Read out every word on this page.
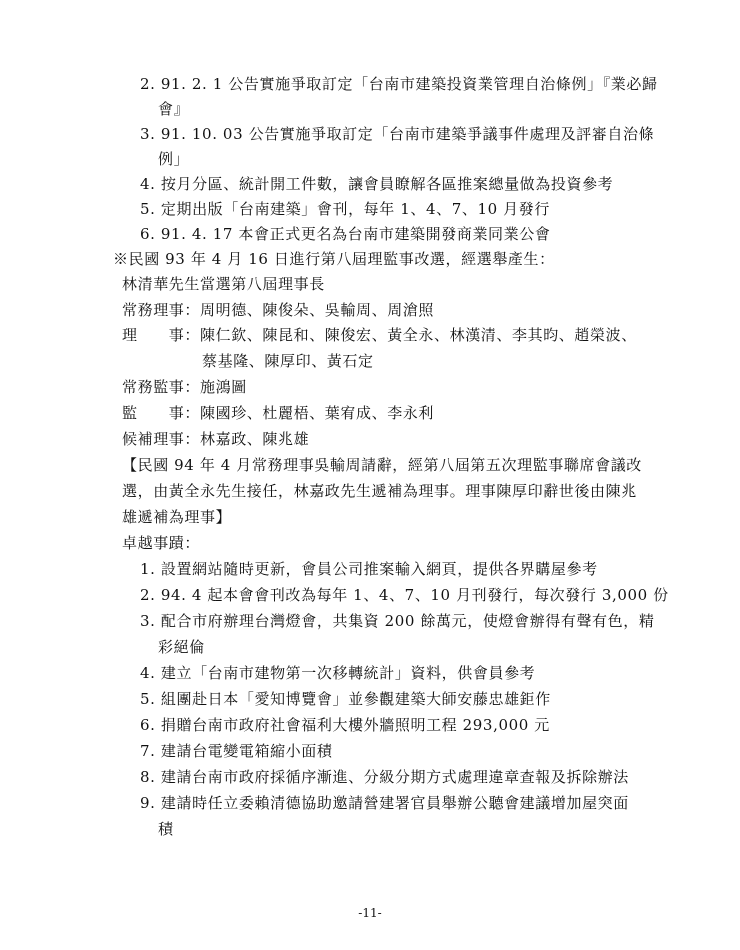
2. 91. 2. 1 公告實施爭取訂定「台南市建築投資業管理自治條例」『業必歸
會』
3. 91. 10. 03 公告實施爭取訂定「台南市建築爭議事件處理及評審自治條
例」
4. 按月分區、統計開工件數，讓會員瞭解各區推案總量做為投資參考
5. 定期出版「台南建築」會刊，每年 1、4、7、10 月發行
6. 91. 4. 17 本會正式更名為台南市建築開發商業同業公會
※民國 93 年 4 月 16 日進行第八屆理監事改選，經選舉產生：
林清華先生當選第八屆理事長
常務理事：周明德、陳俊朵、吳輸周、周滄照
理　　事：陳仁欽、陳昆和、陳俊宏、黃全永、林漢清、李其昀、趙榮波、
蔡基隆、陳厚印、黃石定
常務監事：施鴻圖
監　　事：陳國珍、杜麗梧、葉宥成、李永利
候補理事：林嘉政、陳兆雄
【民國 94 年 4 月常務理事吳輸周請辭，經第八屆第五次理監事聯席會議改
選，由黃全永先生接任，林嘉政先生遞補為理事。理事陳厚印辭世後由陳兆
雄遞補為理事】
卓越事蹟：
1. 設置網站隨時更新，會員公司推案輸入網頁，提供各界購屋參考
2. 94. 4 起本會會刊改為每年 1、4、7、10 月刊發行，每次發行 3,000 份
3. 配合市府辦理台灣燈會，共集資 200 餘萬元，使燈會辦得有聲有色，精
彩絕倫
4. 建立「台南市建物第一次移轉統計」資料，供會員參考
5. 組團赴日本「愛知博覽會」並參觀建築大師安藤忠雄鉅作
6. 捐贈台南市政府社會福利大樓外牆照明工程 293,000 元
7. 建請台電變電箱縮小面積
8. 建請台南市政府採循序漸進、分級分期方式處理違章查報及拆除辦法
9. 建請時任立委賴清德協助邀請營建署官員舉辦公聽會建議增加屋突面
積
-11-
